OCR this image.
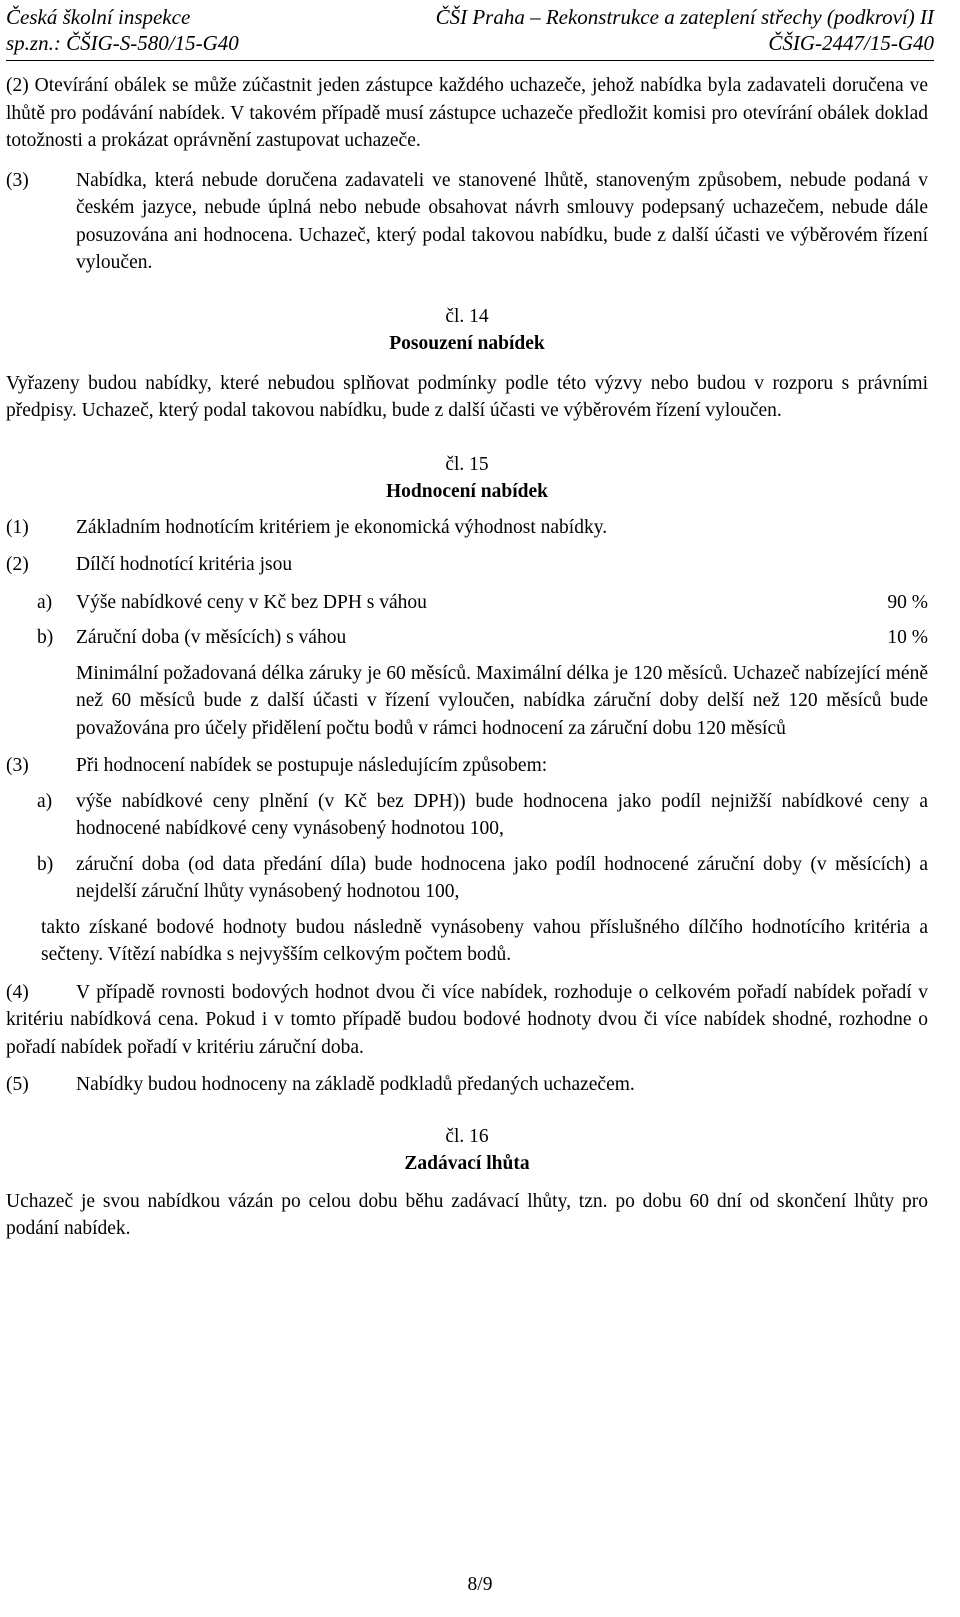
Česká školní inspekce	ČŠI Praha – Rekonstrukce a zateplení střechy (podkroví) II
sp.zn.: ČŠIG-S-580/15-G40	ČŠIG-2447/15-G40

(2) Otevírání obálek se může zúčastnit jeden zástupce každého uchazeče, jehož nabídka byla zadavateli doručena ve lhůtě pro podávání nabídek. V takovém případě musí zástupce uchazeče předložit komisi pro otevírání obálek doklad totožnosti a prokázat oprávnění zastupovat uchazeče.

(3)	Nabídka, která nebude doručena zadavateli ve stanovené lhůtě, stanoveným způsobem, nebude podaná v českém jazyce, nebude úplná nebo nebude obsahovat návrh smlouvy podepsaný uchazečem, nebude dále posuzována ani hodnocena. Uchazeč, který podal takovou nabídku, bude z další účasti ve výběrovém řízení vyloučen.

čl. 14

Posouzení nabídek

Vyřazeny budou nabídky, které nebudou splňovat podmínky podle této výzvy nebo budou v rozporu s právními předpisy. Uchazeč, který podal takovou nabídku, bude z další účasti ve výběrovém řízení vyloučen.

čl. 15

Hodnocení nabídek

(1)	Základním hodnotícím kritériem je ekonomická výhodnost nabídky.
(2)	Dílčí hodnotící kritéria jsou
a)	Výše nabídkové ceny v Kč bez DPH s váhou	90 %
b)	Záruční doba (v měsících) s váhou	10 %

Minimální požadovaná délka záruky je 60 měsíců. Maximální délka je 120 měsíců. Uchazeč nabízející méně než 60 měsíců bude z další účasti v řízení vyloučen, nabídka záruční doby delší než 120 měsíců bude považována pro účely přidělení počtu bodů v rámci hodnocení za záruční dobu 120 měsíců

(3)	Při hodnocení nabídek se postupuje následujícím způsobem:
a)	výše nabídkové ceny plnění (v Kč bez DPH)) bude hodnocena jako podíl nejnižší nabídkové ceny a hodnocené nabídkové ceny vynásobený hodnotou 100,
b)	záruční doba (od data předání díla) bude hodnocena jako podíl hodnocené záruční doby (v měsících) a nejdelší záruční lhůty vynásobený hodnotou 100,

takto získané bodové hodnoty budou následně vynásobeny vahou příslušného dílčího hodnotícího kritéria a sečteny. Vítězí nabídka s nejvyšším celkovým počtem bodů.

(4) V případě rovnosti bodových hodnot dvou či více nabídek, rozhoduje o celkovém pořadí nabídek pořadí v kritériu nabídková cena. Pokud i v tomto případě budou bodové hodnoty dvou či více nabídek shodné, rozhodne o pořadí nabídek pořadí v kritériu záruční doba.

(5)	Nabídky budou hodnoceny na základě podkladů předaných uchazečem.

čl. 16

Zadávací lhůta

Uchazeč je svou nabídkou vázán po celou dobu běhu zadávací lhůty, tzn. po dobu 60 dní od skončení lhůty pro podání nabídek.

8/9
